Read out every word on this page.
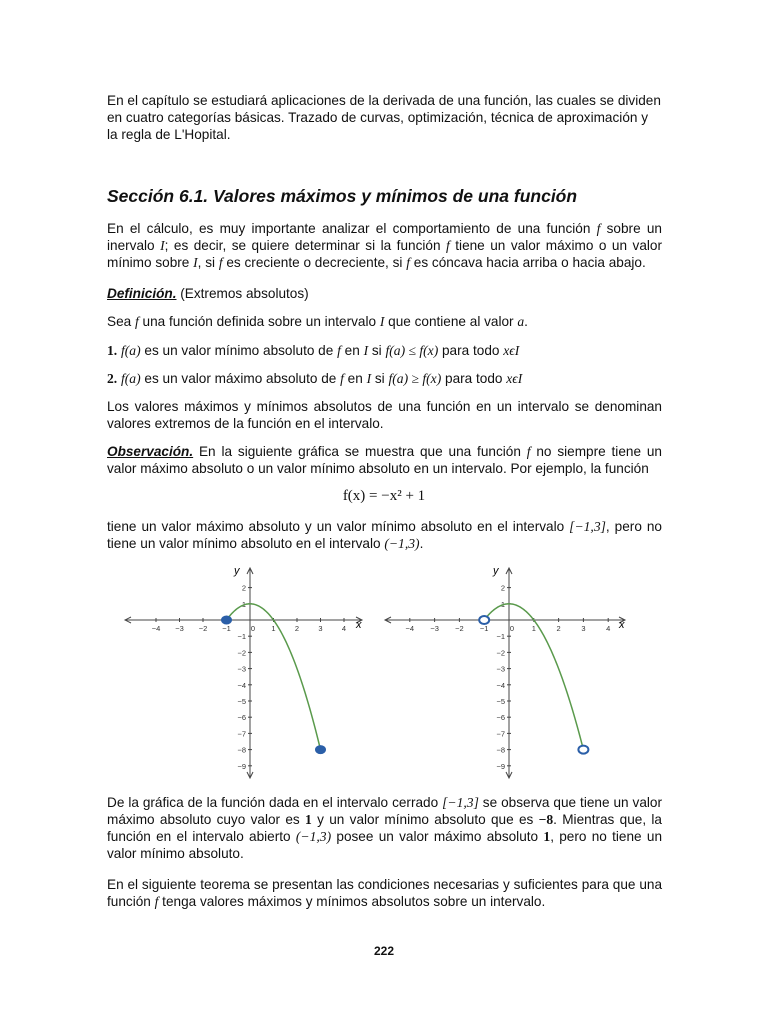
En el capítulo se estudiará aplicaciones de la derivada de una función, las cuales se dividen
en cuatro categorías básicas. Trazado de curvas, optimización, técnica de aproximación y
la regla de L'Hopital.

Sección 6.1. Valores máximos y mínimos de una función

En el cálculo, es muy importante analizar el comportamiento de una función f sobre un inervalo I; es decir, se quiere determinar si la función f tiene un valor máximo o un valor mínimo sobre I, si f es creciente o decreciente, si f es cóncava hacia arriba o hacia abajo.

Definición. (Extremos absolutos)

Sea f una función definida sobre un intervalo I que contiene al valor a.

1. f(a) es un valor mínimo absoluto de f en I si f(a) ≤ f(x) para todo xϵI

2. f(a) es un valor máximo absoluto de f en I si f(a) ≥ f(x) para todo xϵI

Los valores máximos y mínimos absolutos de una función en un intervalo se denominan valores extremos de la función en el intervalo.

Observación. En la siguiente gráfica se muestra que una función f no siempre tiene un valor máximo absoluto o un valor mínimo absoluto en un intervalo. Por ejemplo, la función

f(x) = −x² + 1

tiene un valor máximo absoluto y un valor mínimo absoluto en el intervalo [−1,3], pero no tiene un valor mínimo absoluto en el intervalo (−1,3).

x
y
−4 −3 −2 −1	0 1	2	3	4
2
1
−1
−2
−3
−4
−5
−6
−7
−8
−9
x
y
−4 −3 −2 −1	0 1	2	3	4
2
1
−1
−2
−3
−4
−5
−6
−7
−8
−9

De la gráfica de la función dada en el intervalo cerrado [−1,3] se observa que tiene un valor máximo absoluto cuyo valor es 1 y un valor mínimo absoluto que es −8. Mientras que, la función en el intervalo abierto (−1,3) posee un valor máximo absoluto 1, pero no tiene un valor mínimo absoluto.

En el siguiente teorema se presentan las condiciones necesarias y suficientes para que una función f tenga valores máximos y mínimos absolutos sobre un intervalo.

222
